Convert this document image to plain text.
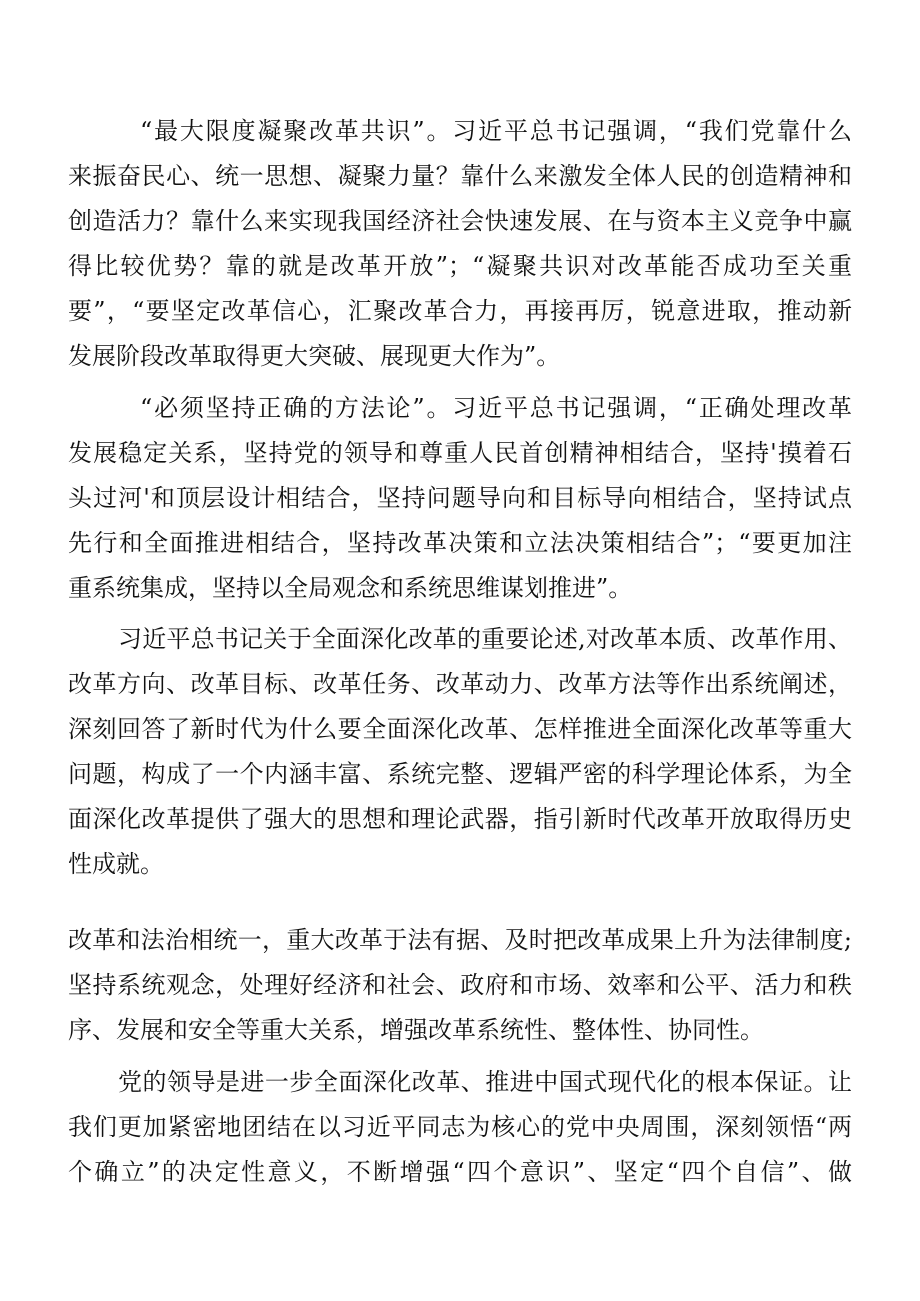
“最大限度凝聚改革共识”。习近平总书记强调，“我们党靠什么
来振奋民心、统一思想、凝聚力量？靠什么来激发全体人民的创造精神和
创造活力？靠什么来实现我国经济社会快速发展、在与资本主义竞争中赢
得比较优势？靠的就是改革开放”；“凝聚共识对改革能否成功至关重
要”，“要坚定改革信心，汇聚改革合力，再接再厉，锐意进取，推动新
发展阶段改革取得更大突破、展现更大作为”。
“必须坚持正确的方法论”。习近平总书记强调，“正确处理改革
发展稳定关系，坚持党的领导和尊重人民首创精神相结合，坚持'摸着石
头过河'和顶层设计相结合，坚持问题导向和目标导向相结合，坚持试点
先行和全面推进相结合，坚持改革决策和立法决策相结合”；“要更加注
重系统集成，坚持以全局观念和系统思维谋划推进”。
习近平总书记关于全面深化改革的重要论述,对改革本质、改革作用、
改革方向、改革目标、改革任务、改革动力、改革方法等作出系统阐述，
深刻回答了新时代为什么要全面深化改革、怎样推进全面深化改革等重大
问题，构成了一个内涵丰富、系统完整、逻辑严密的科学理论体系，为全
面深化改革提供了强大的思想和理论武器，指引新时代改革开放取得历史
性成就。
改革和法治相统一，重大改革于法有据、及时把改革成果上升为法律制度;
坚持系统观念，处理好经济和社会、政府和市场、效率和公平、活力和秩
序、发展和安全等重大关系，增强改革系统性、整体性、协同性。
党的领导是进一步全面深化改革、推进中国式现代化的根本保证。让
我们更加紧密地团结在以习近平同志为核心的党中央周围，深刻领悟“两
个确立”的决定性意义，不断增强“四个意识”、坚定“四个自信”、做
